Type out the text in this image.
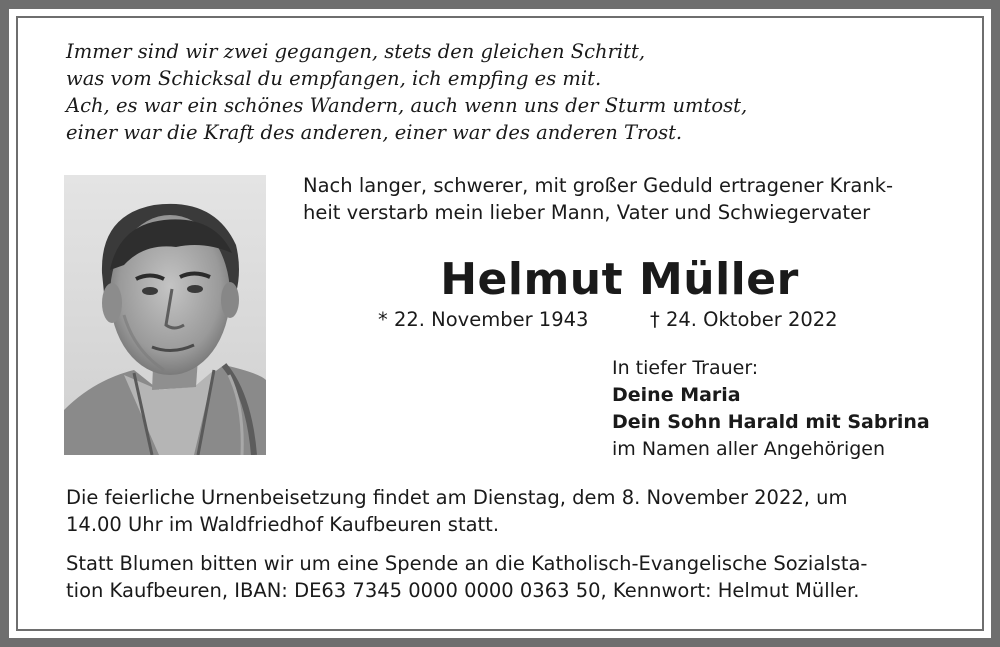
Immer sind wir zwei gegangen, stets den gleichen Schritt,
was vom Schicksal du empfangen, ich empfing es mit.
Ach, es war ein schönes Wandern, auch wenn uns der Sturm umtost,
einer war die Kraft des anderen, einer war des anderen Trost.
Nach langer, schwerer, mit großer Geduld ertragener Krank-
heit verstarb mein lieber Mann, Vater und Schwiegervater
Helmut Müller
* 22. November 1943	† 24. Oktober 2022
In tiefer Trauer:
Deine Maria
Dein Sohn Harald mit Sabrina
im Namen aller Angehörigen
Die feierliche Urnenbeisetzung findet am Dienstag, dem 8. November 2022, um
14.00 Uhr im Waldfriedhof Kaufbeuren statt.
Statt Blumen bitten wir um eine Spende an die Katholisch-Evangelische Sozialsta-
tion Kaufbeuren, IBAN: DE63 7345 0000 0000 0363 50, Kennwort: Helmut Müller.
